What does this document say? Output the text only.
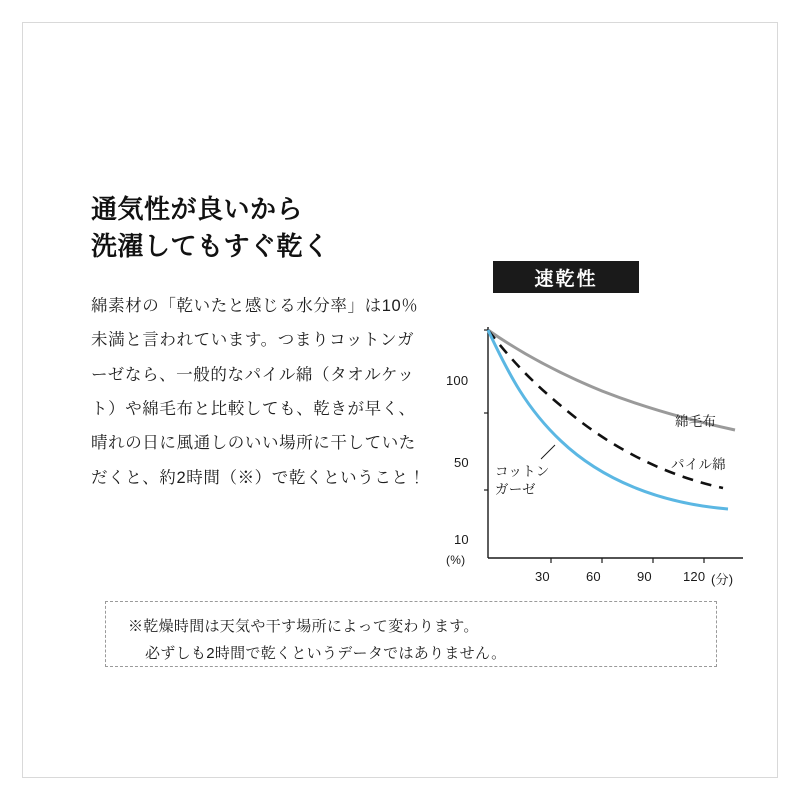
通気性が良いから
洗濯してもすぐ乾く

綿素材の「乾いたと感じる水分率」は10％未満と言われています。つまりコットンガーゼなら、一般的なパイル綿（タオルケット）や綿毛布と比較しても、乾きが早く、晴れの日に風通しのいい場所に干していただくと、約2時間（※）で乾くということ！

速乾性
100
50
10
(%)
30	60	90 120 (分)
コットン
ガーゼ
綿毛布
パイル綿
※乾燥時間は天気や干す場所によって変わります。
必ずしも2時間で乾くというデータではありません。
